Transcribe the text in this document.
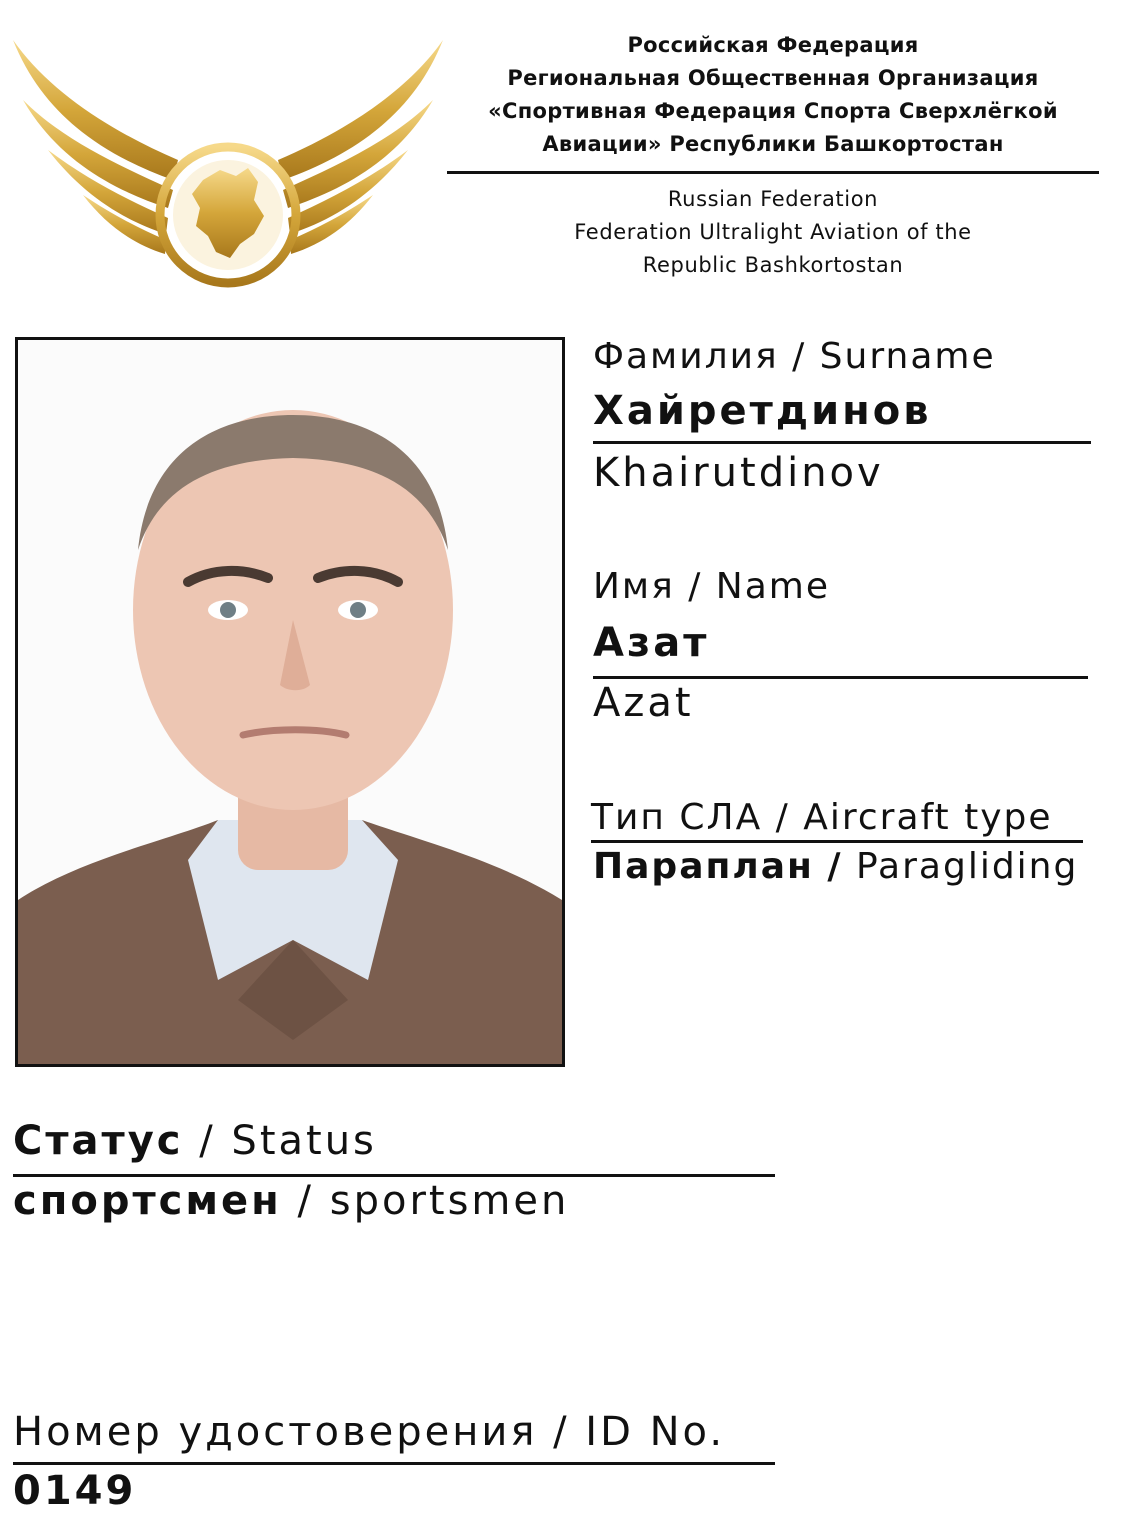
Российская Федерация
Региональная Общественная Организация
«Спортивная Федерация Спорта Сверхлёгкой
Авиации» Республики Башкортостан
Russian Federation
Federation Ultralight Aviation of the
Republic Bashkortostan
Фамилия / Surname
Хайретдинов
Khairutdinov
Имя / Name
Азат
Azat
Тип СЛА / Aircraft type
Параплан / Paragliding
Статус / Status
спортсмен / sportsmen
Номер удостоверения / ID No.
0149
